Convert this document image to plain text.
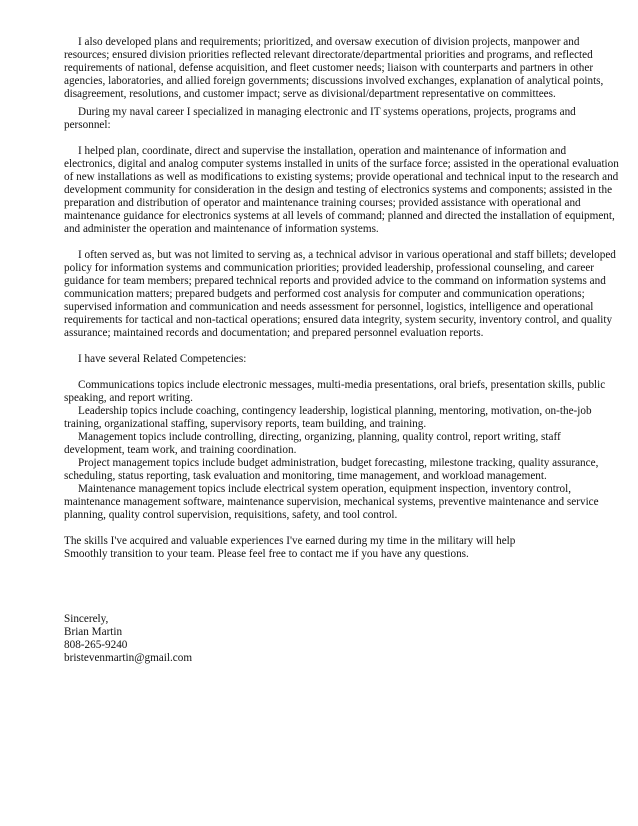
I also developed plans and requirements; prioritized, and oversaw execution of division projects, manpower and resources; ensured division priorities reflected relevant directorate/departmental priorities and programs, and reflected requirements of national, defense acquisition, and fleet customer needs; liaison with counterparts and partners in other agencies, laboratories, and allied foreign governments; discussions involved exchanges, explanation of analytical points, disagreement, resolutions, and customer impact; serve as divisional/department representative on committees.

During my naval career I specialized in managing electronic and IT systems operations, projects, programs and personnel:

I helped plan, coordinate, direct and supervise the installation, operation and maintenance of information and electronics, digital and analog computer systems installed in units of the surface force; assisted in the operational evaluation of new installations as well as modifications to existing systems; provide operational and technical input to the research and development community for consideration in the design and testing of electronics systems and components; assisted in the preparation and distribution of operator and maintenance training courses; provided assistance with operational and maintenance guidance for electronics systems at all levels of command; planned and directed the installation of equipment, and administer the operation and maintenance of information systems.

I often served as, but was not limited to serving as, a technical advisor in various operational and staff billets; developed policy for information systems and communication priorities; provided leadership, professional counseling, and career guidance for team members; prepared technical reports and provided advice to the command on information systems and communication matters; prepared budgets and performed cost analysis for computer and communication operations; supervised information and communication and needs assessment for personnel, logistics, intelligence and operational requirements for tactical and non-tactical operations; ensured data integrity, system security, inventory control, and quality assurance; maintained records and documentation; and prepared personnel evaluation reports.

I have several Related Competencies:

Communications topics include electronic messages, multi-media presentations, oral briefs, presentation skills, public speaking, and report writing.

Leadership topics include coaching, contingency leadership, logistical planning, mentoring, motivation, on-the-job training, organizational staffing, supervisory reports, team building, and training.

Management topics include controlling, directing, organizing, planning, quality control, report writing, staff development, team work, and training coordination.

Project management topics include budget administration, budget forecasting, milestone tracking, quality assurance, scheduling, status reporting, task evaluation and monitoring, time management, and workload management.

Maintenance management topics include electrical system operation, equipment inspection, inventory control, maintenance management software, maintenance supervision, mechanical systems, preventive maintenance and service planning, quality control supervision, requisitions, safety, and tool control.

The skills I've acquired and valuable experiences I've earned during my time in the military will help

Smoothly transition to your team. Please feel free to contact me if you have any questions.

Sincerely,
Brian Martin
808-265-9240
bristevenmartin@gmail.com
